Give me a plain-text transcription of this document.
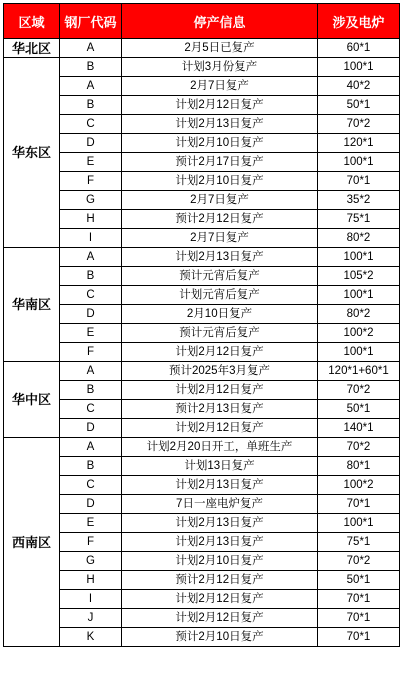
区域	钢厂代码	停产信息	涉及电炉
华北区	A	2月5日已复产	60*1
华东区	B	计划3月份复产	100*1
	A	2月7日复产	40*2
	B	计划2月12日复产	50*1
	C	计划2月13日复产	70*2
	D	计划2月10日复产	120*1
	E	预计2月17日复产	100*1
	F	计划2月10日复产	70*1
	G	2月7日复产	35*2
	H	预计2月12日复产	75*1
	I	2月7日复产	80*2
华南区	A	计划2月13日复产	100*1
	B	预计元宵后复产	105*2
	C	计划元宵后复产	100*1
	D	2月10日复产	80*2
	E	预计元宵后复产	100*2
	F	计划2月12日复产	100*1
华中区	A	预计2025年3月复产	120*1+60*1
	B	计划2月12日复产	70*2
	C	预计2月13日复产	50*1
	D	计划2月12日复产	140*1
西南区	A	计划2月20日开工，单班生产	70*2
	B	计划13日复产	80*1
	C	计划2月13日复产	100*2
	D	7日一座电炉复产	70*1
	E	计划2月13日复产	100*1
	F	计划2月13日复产	75*1
	G	计划2月10日复产	70*2
	H	预计2月12日复产	50*1
	I	计划2月12日复产	70*1
	J	计划2月12日复产	70*1
	K	预计2月10日复产	70*1
